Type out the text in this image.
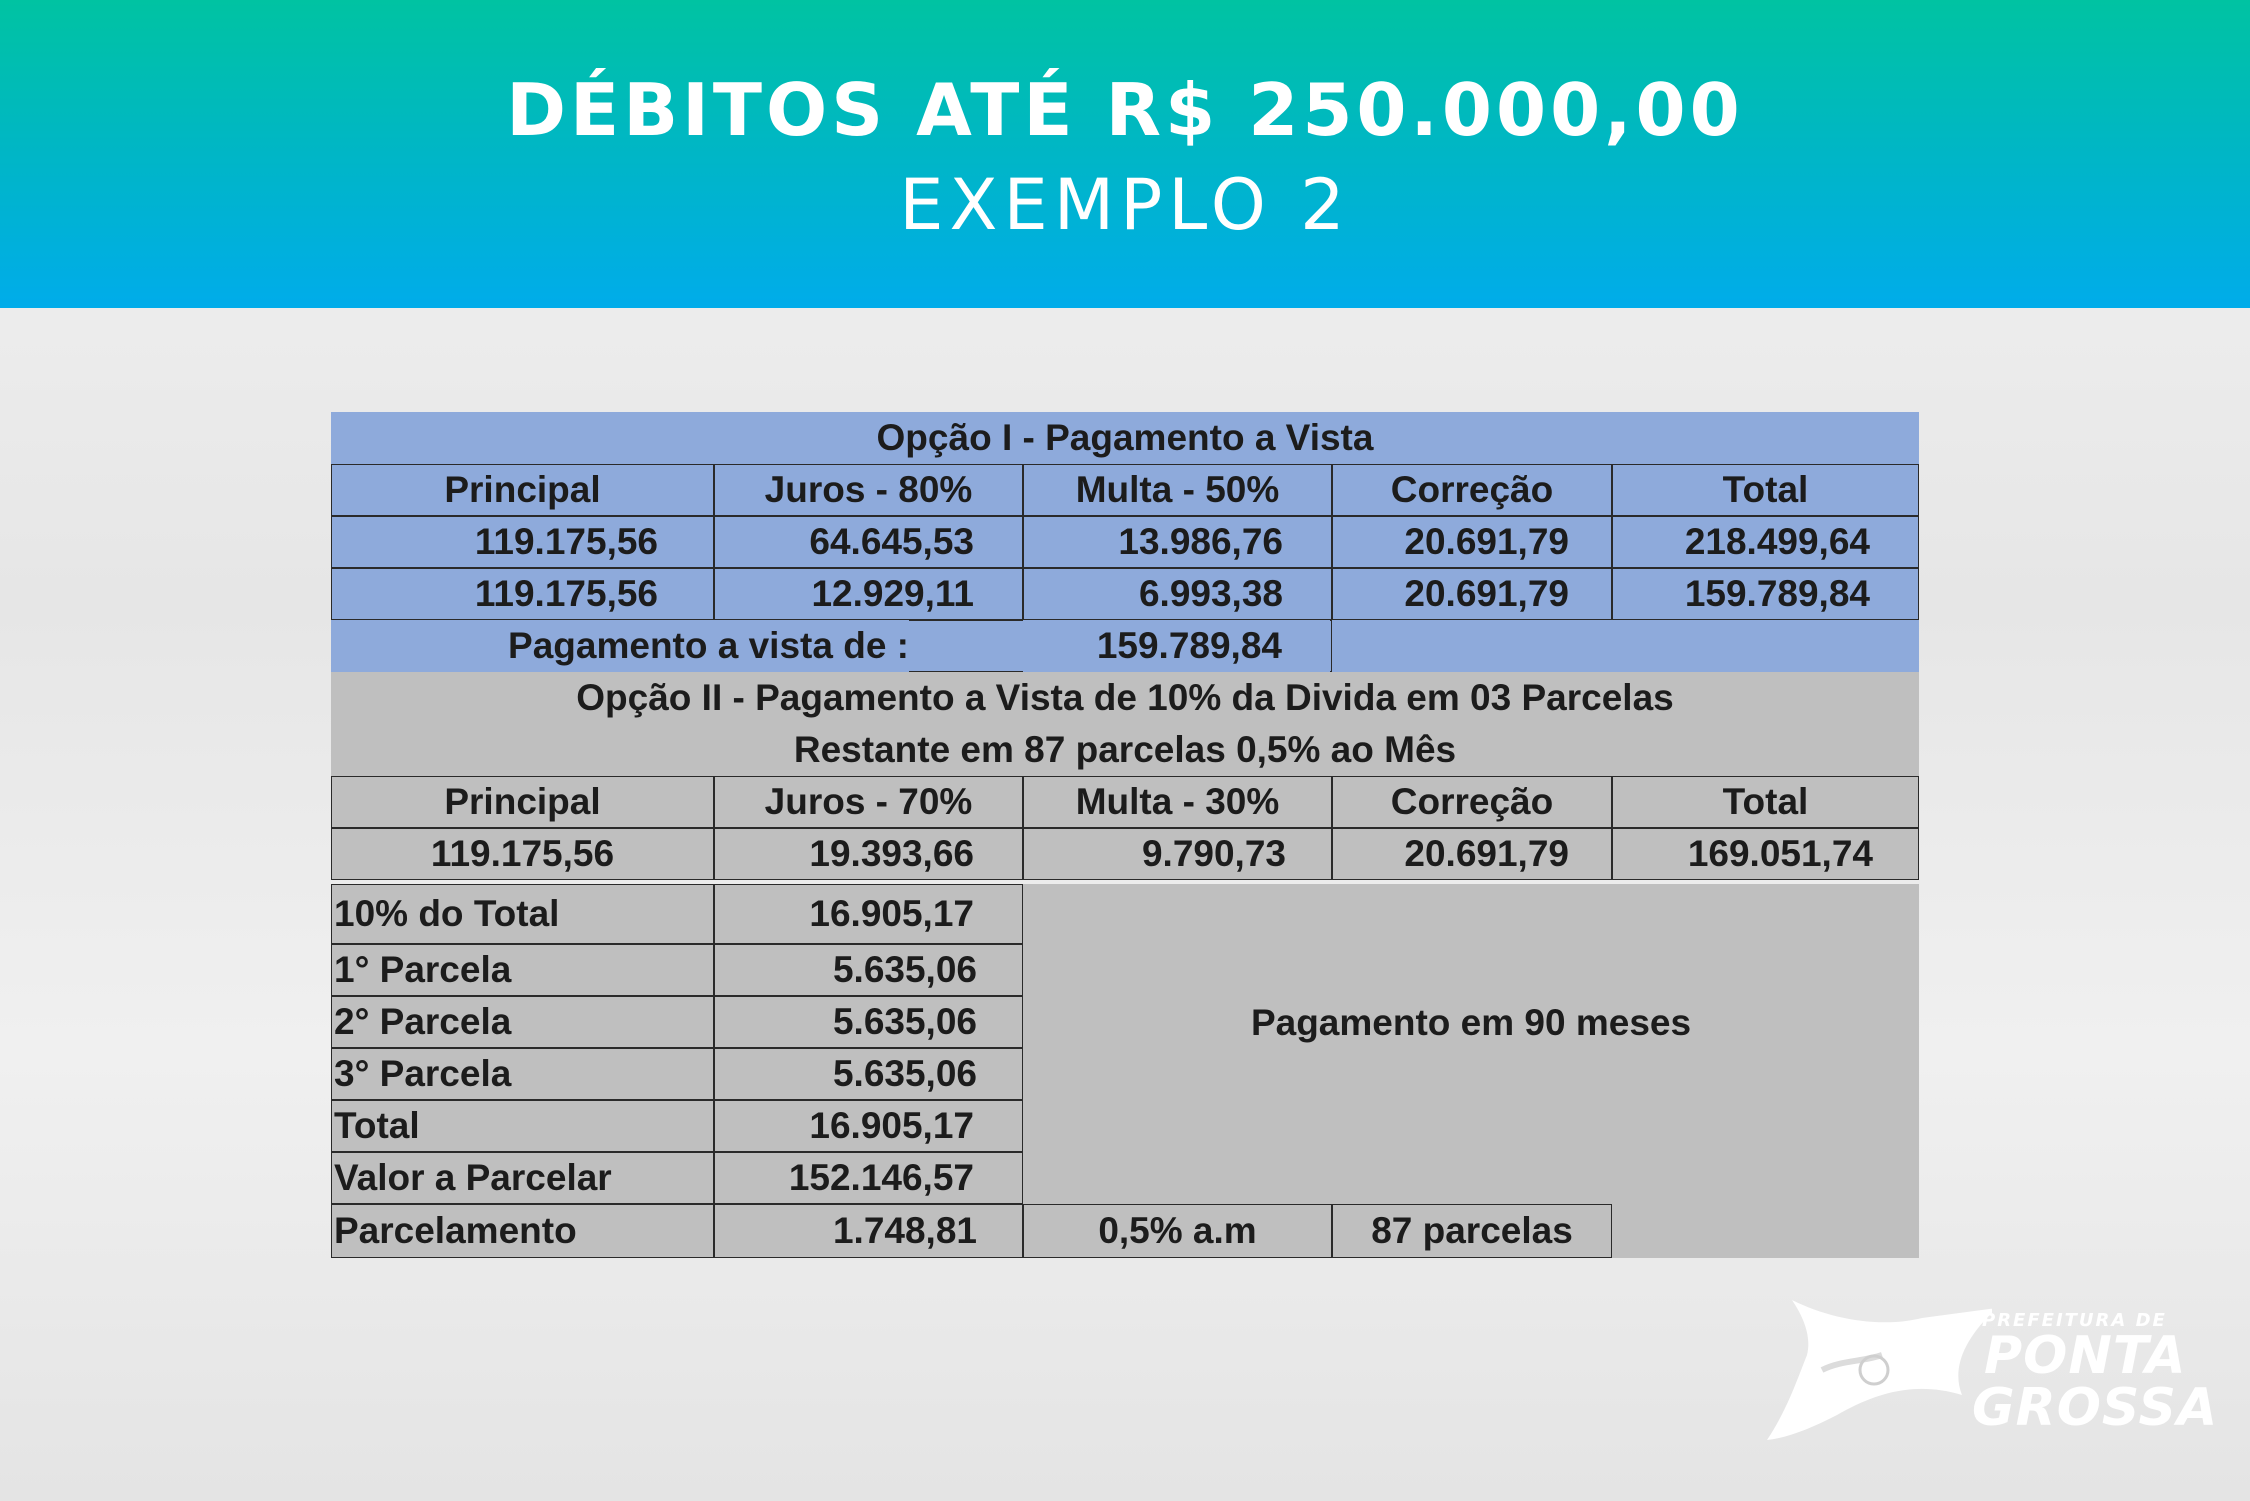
DÉBITOS ATÉ R$ 250.000,00
EXEMPLO 2
Opção I - Pagamento a Vista
Principal	Juros - 80%	Multa - 50%	Correção	Total
119.175,56	64.645,53	13.986,76	20.691,79	218.499,64
119.175,56	12.929,11	6.993,38	20.691,79	159.789,84
Pagamento a vista de :	159.789,84
Opção II - Pagamento a Vista de 10% da Divida em 03 Parcelas
Restante em 87 parcelas 0,5% ao Mês
Principal	Juros - 70%	Multa - 30%	Correção	Total
119.175,56	19.393,66	9.790,73	20.691,79	169.051,74
Pagamento em 90 meses
10% do Total	16.905,17
1° Parcela	5.635,06
2° Parcela	5.635,06
3° Parcela	5.635,06
Total	16.905,17
Valor a Parcelar	152.146,57
Parcelamento	1.748,81	0,5% a.m	87 parcelas
PREFEITURA DE
PONTA
GROSSA
